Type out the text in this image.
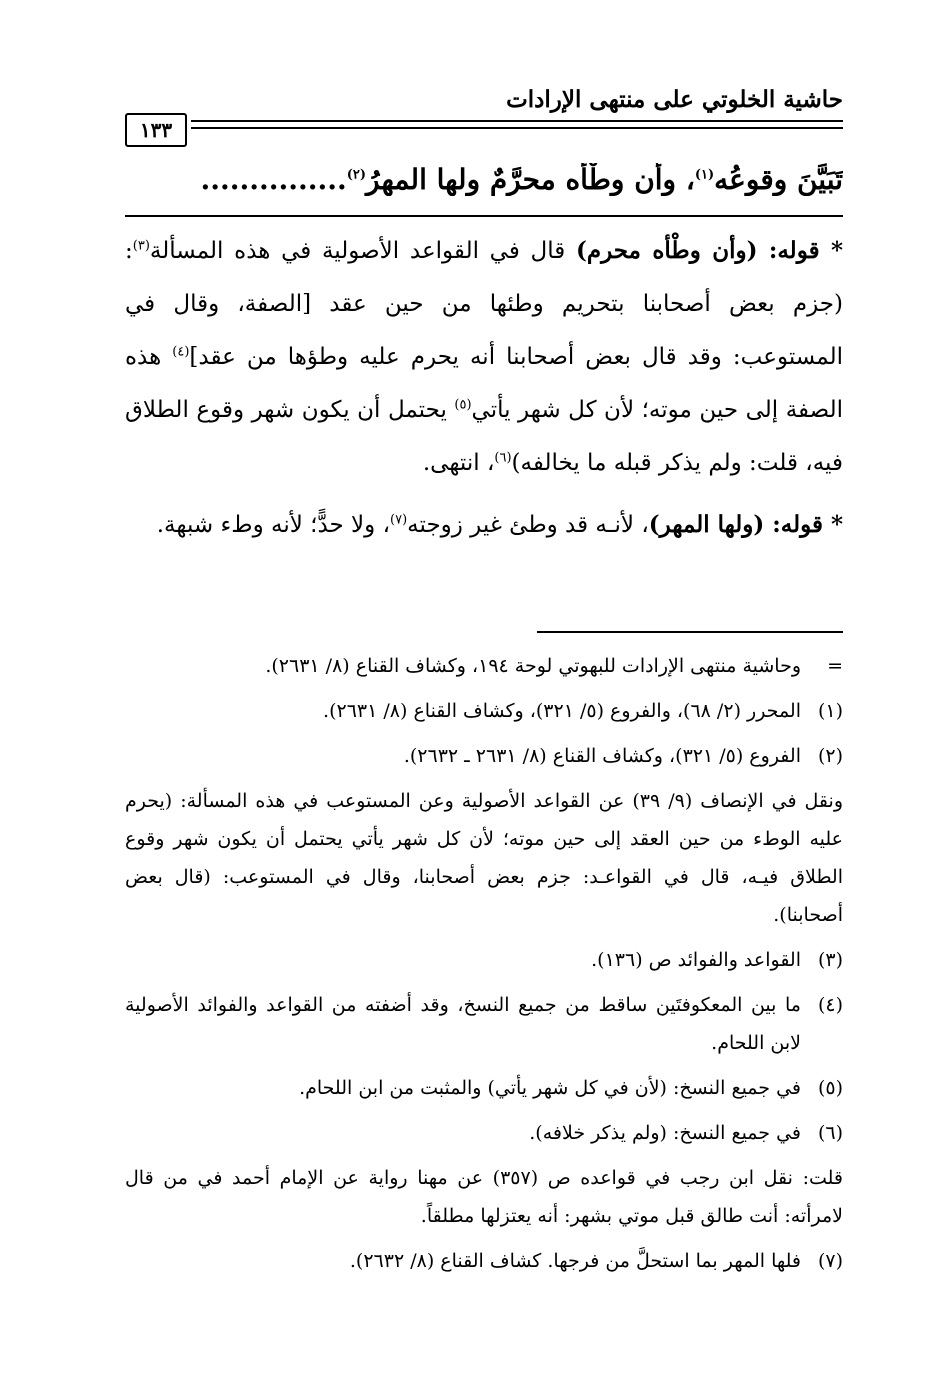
حاشية الخلوتي على منتهى الإرادات
١٣٣
تَبَيَّنَ وقوعُه$^{(١)}$، وأن وطْأه محرَّمٌ ولها المهرُ$^{(٢)}$...............

* قوله: (وأن وطْأه محرم) قال في القواعد الأصولية في هذه المسألة$^{(٣)}$: (جزم بعض أصحابنا بتحريم وطئها من حين عقد [الصفة، وقال في المستوعب: وقد قال بعض أصحابنا أنه يحرم عليه وطؤها من عقد]$^{(٤)}$ هذه الصفة إلى حين موته؛ لأن كل شهر يأتي$^{(٥)}$ يحتمل أن يكون شهر وقوع الطلاق فيه، قلت: ولم يذكر قبله ما يخالفه)$^{(٦)}$، انتهى.

* قوله: (ولها المهر)، لأنـه قد وطئ غير زوجته$^{(٧)}$، ولا حدًّ؛ لأنه وطء شبهة.

=
وحاشية منتهى الإرادات للبهوتي لوحة ١٩٤، وكشاف القناع (٨/ ٢٦٣١).
(١)
المحرر (٢/ ٦٨)، والفروع (٥/ ٣٢١)، وكشاف القناع (٨/ ٢٦٣١).
(٢)
الفروع (٥/ ٣٢١)، وكشاف القناع (٨/ ٢٦٣١ ـ ٢٦٣٢).
ونقل في الإنصاف (٩/ ٣٩) عن القواعد الأصولية وعن المستوعب في هذه المسألة: (يحرم عليه الوطء من حين العقد إلى حين موته؛ لأن كل شهر يأتي يحتمل أن يكون شهر وقوع الطلاق فيـه، قال في القواعـد: جزم بعض أصحابنا، وقال في المستوعب: (قال بعض أصحابنا).
(٣)
القواعد والفوائد ص (١٣٦).
(٤)
ما بين المعكوفتَين ساقط من جميع النسخ، وقد أضفته من القواعد والفوائد الأصولية لابن اللحام.
(٥)
في جميع النسخ: (لأن في كل شهر يأتي) والمثبت من ابن اللحام.
(٦)
في جميع النسخ: (ولم يذكر خلافه).
قلت: نقل ابن رجب في قواعده ص (٣٥٧) عن مهنا رواية عن الإمام أحمد في من قال لامرأته: أنت طالق قبل موتي بشهر: أنه يعتزلها مطلقاً.
(٧)
فلها المهر بما استحلَّ من فرجها. كشاف القناع (٨/ ٢٦٣٢).
